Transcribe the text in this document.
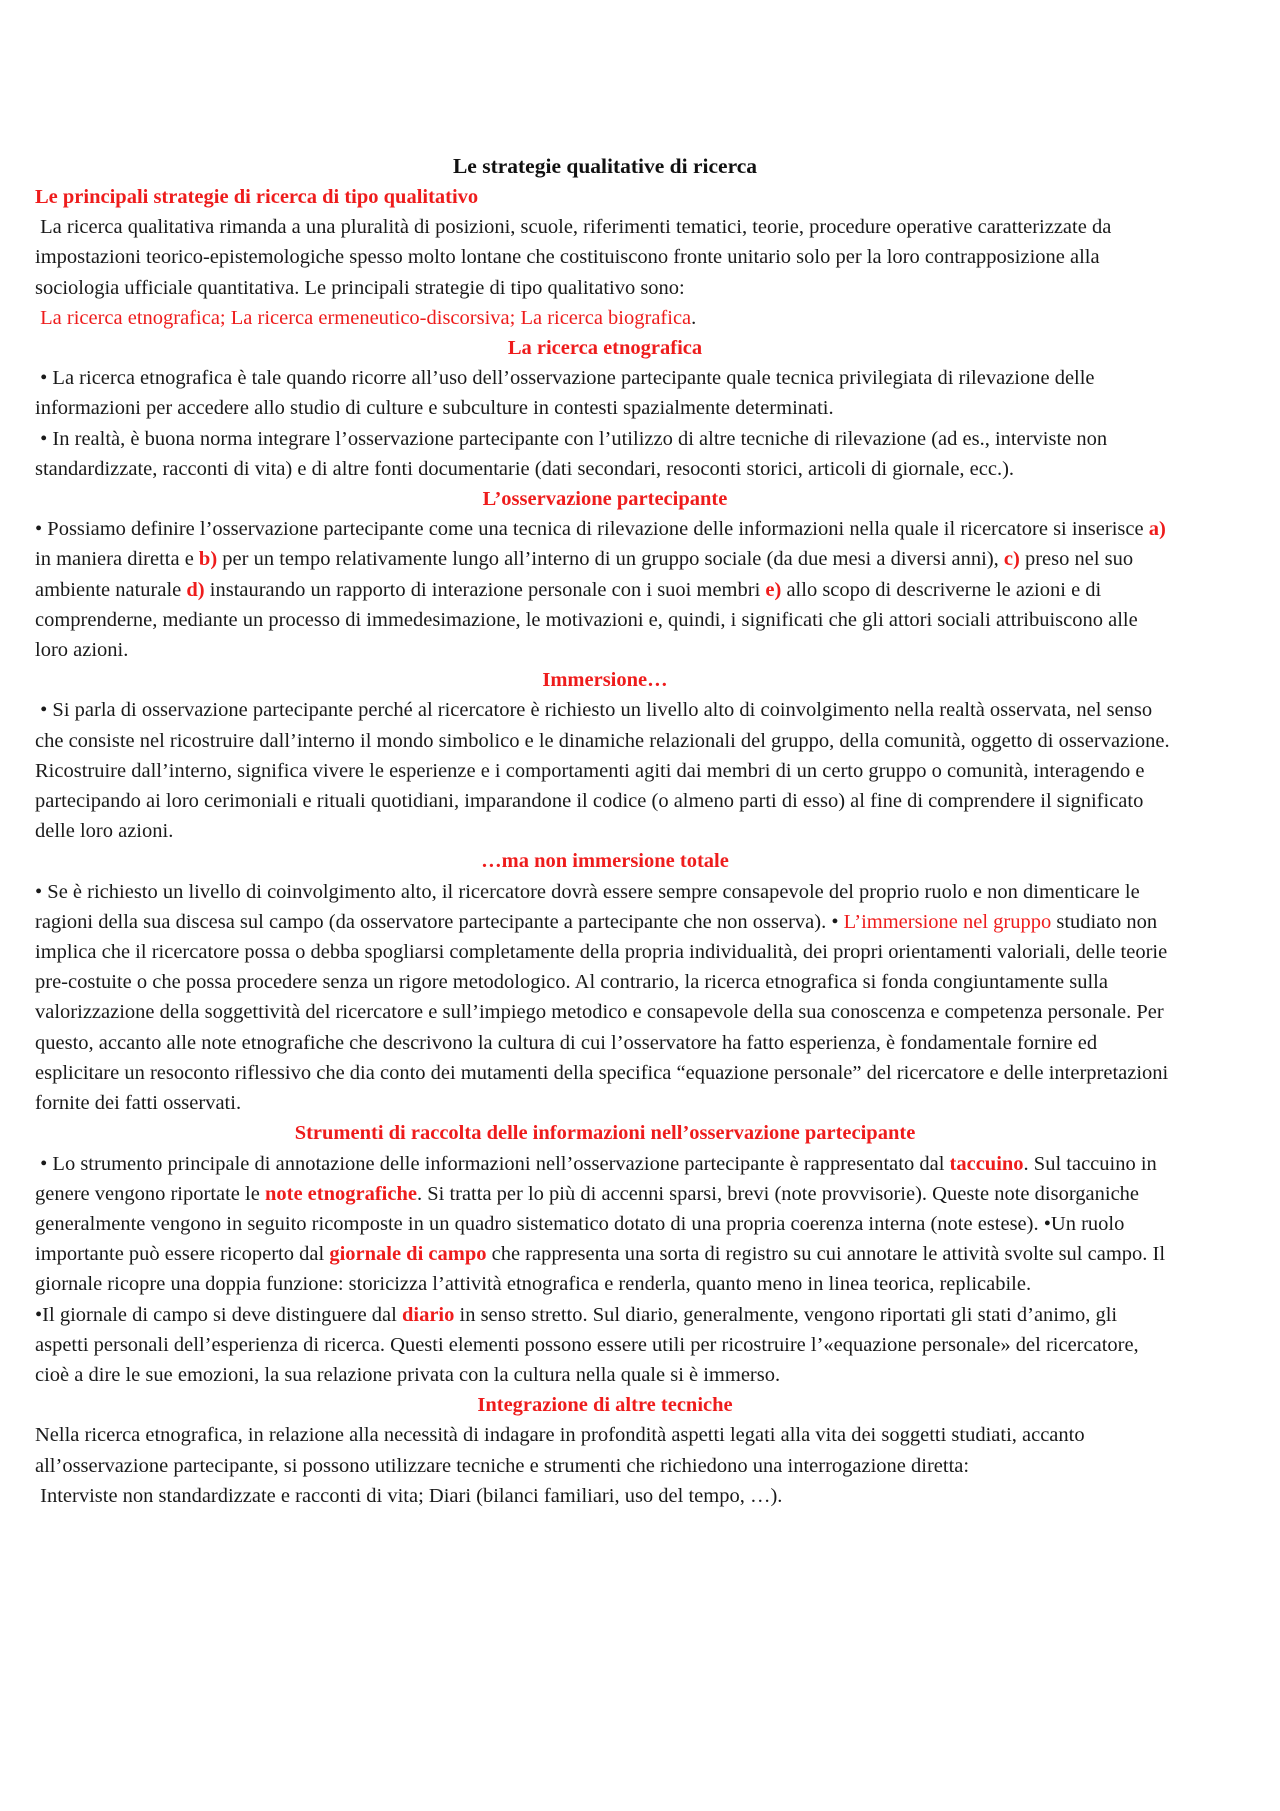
Le strategie qualitative di ricerca
Le principali strategie di ricerca di tipo qualitativo

La ricerca qualitativa rimanda a una pluralità di posizioni, scuole, riferimenti tematici, teorie, procedure operative caratterizzate da impostazioni teorico-epistemologiche spesso molto lontane che costituiscono fronte unitario solo per la loro contrapposizione alla sociologia ufficiale quantitativa. Le principali strategie di tipo qualitativo sono:

La ricerca etnografica; La ricerca ermeneutico-discorsiva; La ricerca biografica.

La ricerca etnografica

• La ricerca etnografica è tale quando ricorre all’uso dell’osservazione partecipante quale tecnica privilegiata di rilevazione delle informazioni per accedere allo studio di culture e subculture in contesti spazialmente determinati.

• In realtà, è buona norma integrare l’osservazione partecipante con l’utilizzo di altre tecniche di rilevazione (ad es., interviste non standardizzate, racconti di vita) e di altre fonti documentarie (dati secondari, resoconti storici, articoli di giornale, ecc.).

L’osservazione partecipante

• Possiamo definire l’osservazione partecipante come una tecnica di rilevazione delle informazioni nella quale il ricercatore si inserisce a) in maniera diretta e b) per un tempo relativamente lungo all’interno di un gruppo sociale (da due mesi a diversi anni), c) preso nel suo ambiente naturale d) instaurando un rapporto di interazione personale con i suoi membri e) allo scopo di descriverne le azioni e di comprenderne, mediante un processo di immedesimazione, le motivazioni e, quindi, i significati che gli attori sociali attribuiscono alle loro azioni.

Immersione…

• Si parla di osservazione partecipante perché al ricercatore è richiesto un livello alto di coinvolgimento nella realtà osservata, nel senso che consiste nel ricostruire dall’interno il mondo simbolico e le dinamiche relazionali del gruppo, della comunità, oggetto di osservazione. Ricostruire dall’interno, significa vivere le esperienze e i comportamenti agiti dai membri di un certo gruppo o comunità, interagendo e partecipando ai loro cerimoniali e rituali quotidiani, imparandone il codice (o almeno parti di esso) al fine di comprendere il significato delle loro azioni.

…ma non immersione totale

• Se è richiesto un livello di coinvolgimento alto, il ricercatore dovrà essere sempre consapevole del proprio ruolo e non dimenticare le ragioni della sua discesa sul campo (da osservatore partecipante a partecipante che non osserva). • L’immersione nel gruppo studiato non implica che il ricercatore possa o debba spogliarsi completamente della propria individualità, dei propri orientamenti valoriali, delle teorie pre-costuite o che possa procedere senza un rigore metodologico. Al contrario, la ricerca etnografica si fonda congiuntamente sulla valorizzazione della soggettività del ricercatore e sull’impiego metodico e consapevole della sua conoscenza e competenza personale. Per questo, accanto alle note etnografiche che descrivono la cultura di cui l’osservatore ha fatto esperienza, è fondamentale fornire ed esplicitare un resoconto riflessivo che dia conto dei mutamenti della specifica “equazione personale” del ricercatore e delle interpretazioni fornite dei fatti osservati.

Strumenti di raccolta delle informazioni nell’osservazione partecipante

• Lo strumento principale di annotazione delle informazioni nell’osservazione partecipante è rappresentato dal taccuino. Sul taccuino in genere vengono riportate le note etnografiche. Si tratta per lo più di accenni sparsi, brevi (note provvisorie). Queste note disorganiche generalmente vengono in seguito ricomposte in un quadro sistematico dotato di una propria coerenza interna (note estese). •Un ruolo importante può essere ricoperto dal giornale di campo che rappresenta una sorta di registro su cui annotare le attività svolte sul campo. Il giornale ricopre una doppia funzione: storicizza l’attività etnografica e renderla, quanto meno in linea teorica, replicabile.

•Il giornale di campo si deve distinguere dal diario in senso stretto. Sul diario, generalmente, vengono riportati gli stati d’animo, gli aspetti personali dell’esperienza di ricerca. Questi elementi possono essere utili per ricostruire l’«equazione personale» del ricercatore, cioè a dire le sue emozioni, la sua relazione privata con la cultura nella quale si è immerso.

Integrazione di altre tecniche

Nella ricerca etnografica, in relazione alla necessità di indagare in profondità aspetti legati alla vita dei soggetti studiati, accanto all’osservazione partecipante, si possono utilizzare tecniche e strumenti che richiedono una interrogazione diretta:

Interviste non standardizzate e racconti di vita; Diari (bilanci familiari, uso del tempo, …).
